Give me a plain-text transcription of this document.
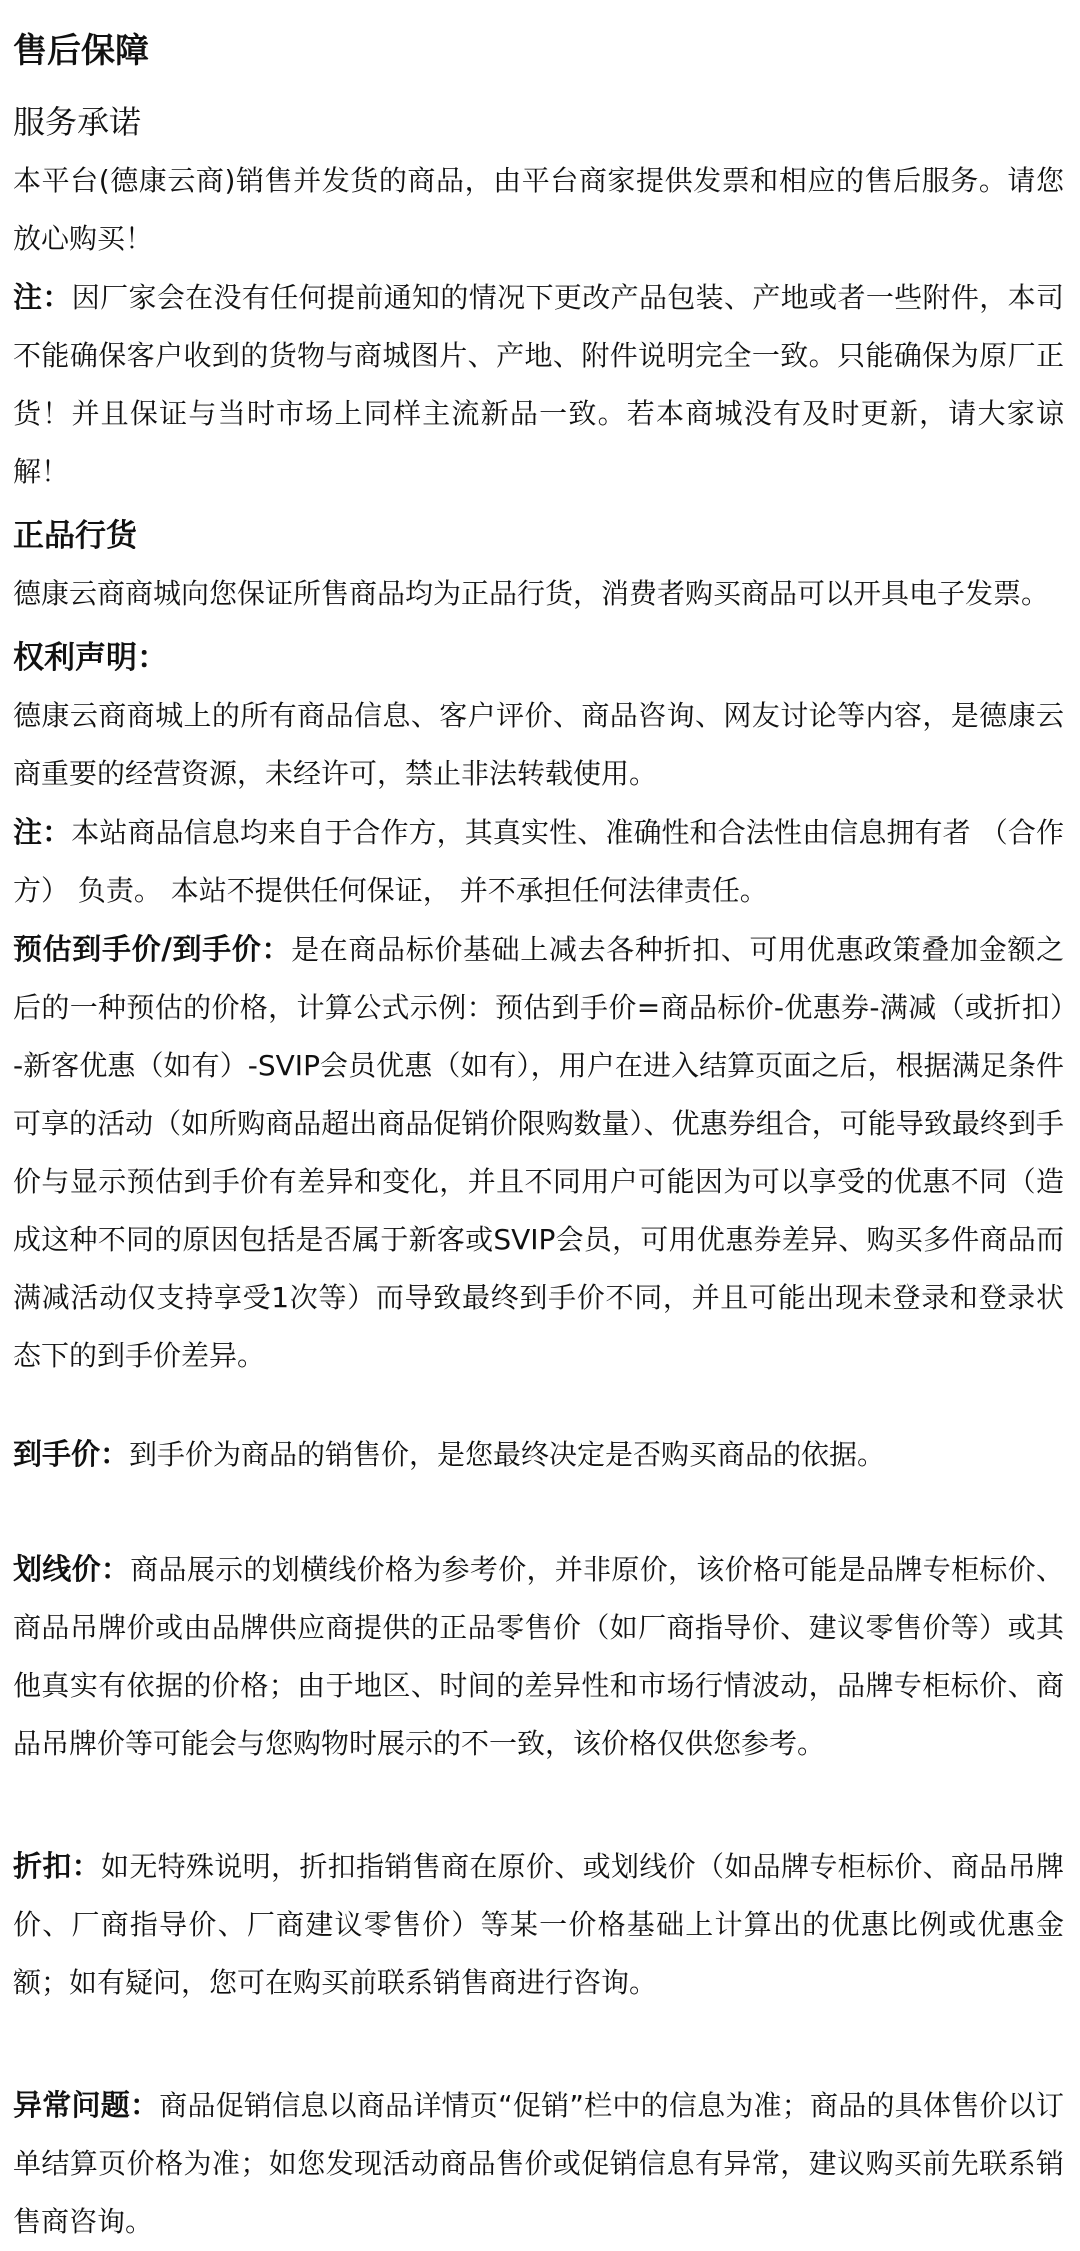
售后保障
服务承诺

本平台(德康云商)销售并发货的商品，由平台商家提供发票和相应的售后服务。请您放心购买！

注：因厂家会在没有任何提前通知的情况下更改产品包装、产地或者一些附件，本司不能确保客户收到的货物与商城图片、产地、附件说明完全一致。只能确保为原厂正货！并且保证与当时市场上同样主流新品一致。若本商城没有及时更新，请大家谅解！

正品行货

德康云商商城向您保证所售商品均为正品行货，消费者购买商品可以开具电子发票。

权利声明：

德康云商商城上的所有商品信息、客户评价、商品咨询、网友讨论等内容，是德康云商重要的经营资源，未经许可，禁止非法转载使用。

注：本站商品信息均来自于合作方，其真实性、准确性和合法性由信息拥有者 （合作方） 负责。 本站不提供任何保证， 并不承担任何法律责任。

预估到手价/到手价：是在商品标价基础上减去各种折扣、可用优惠政策叠加金额之后的一种预估的价格，计算公式示例：预估到手价=商品标价-优惠券-满减（或折扣）-新客优惠（如有）-SVIP会员优惠（如有），用户在进入结算页面之后，根据满足条件可享的活动（如所购商品超出商品促销价限购数量）、优惠券组合，可能导致最终到手价与显示预估到手价有差异和变化，并且不同用户可能因为可以享受的优惠不同（造成这种不同的原因包括是否属于新客或SVIP会员，可用优惠券差异、购买多件商品而满减活动仅支持享受1次等）而导致最终到手价不同，并且可能出现未登录和登录状态下的到手价差异。

到手价：到手价为商品的销售价，是您最终决定是否购买商品的依据。

划线价：商品展示的划横线价格为参考价，并非原价，该价格可能是品牌专柜标价、商品吊牌价或由品牌供应商提供的正品零售价（如厂商指导价、建议零售价等）或其他真实有依据的价格；由于地区、时间的差异性和市场行情波动，品牌专柜标价、商品吊牌价等可能会与您购物时展示的不一致，该价格仅供您参考。

折扣：如无特殊说明，折扣指销售商在原价、或划线价（如品牌专柜标价、商品吊牌价、厂商指导价、厂商建议零售价）等某一价格基础上计算出的优惠比例或优惠金额；如有疑问，您可在购买前联系销售商进行咨询。

异常问题：商品促销信息以商品详情页“促销”栏中的信息为准；商品的具体售价以订单结算页价格为准；如您发现活动商品售价或促销信息有异常，建议购买前先联系销售商咨询。
